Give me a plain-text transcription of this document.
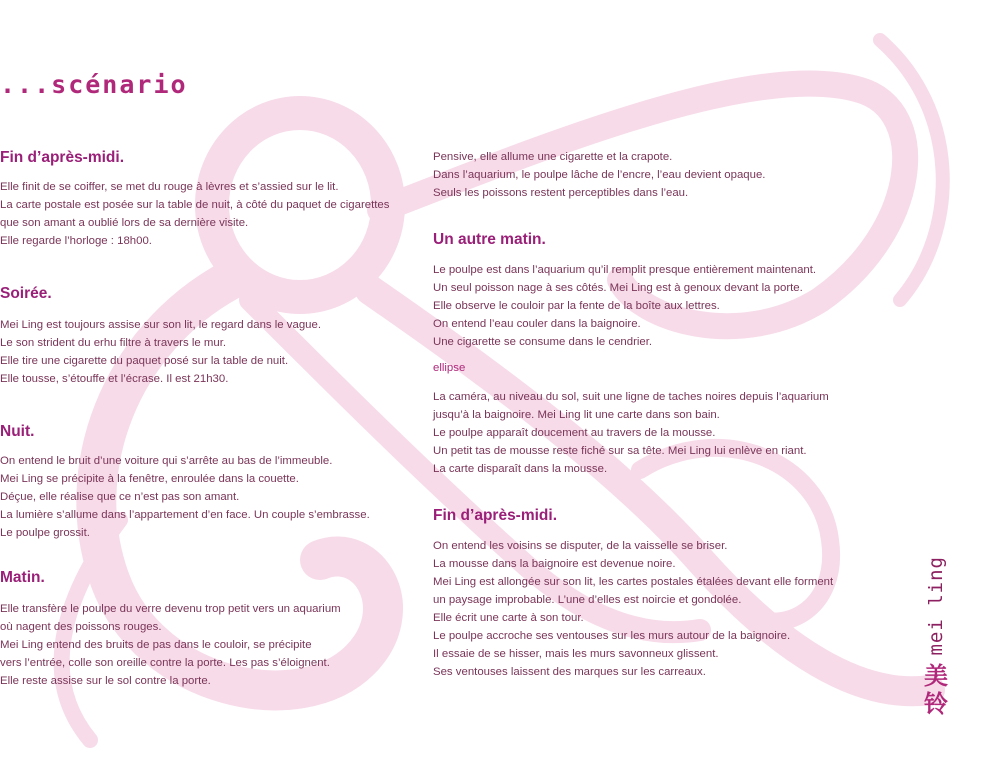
...scénario
Fin d’après-midi.
Elle finit de se coiffer, se met du rouge à lèvres et s’assied sur le lit.
La carte postale est posée sur la table de nuit, à côté du paquet de cigarettes
que son amant a oublié lors de sa dernière visite.
Elle regarde l’horloge : 18h00.
Soirée.
Mei Ling est toujours assise sur son lit, le regard dans le vague.
Le son strident du erhu filtre à travers le mur.
Elle tire une cigarette du paquet posé sur la table de nuit.
Elle tousse, s’étouffe et l’écrase. Il est 21h30.
Nuit.
On entend le bruit d’une voiture qui s’arrête au bas de l’immeuble.
Mei Ling se précipite à la fenêtre, enroulée dans la couette.
Déçue, elle réalise que ce n’est pas son amant.
La lumière s’allume dans l’appartement d’en face. Un couple s’embrasse.
Le poulpe grossit.
Matin.
Elle transfère le poulpe du verre devenu trop petit vers un aquarium
où nagent des poissons rouges.
Mei Ling entend des bruits de pas dans le couloir, se précipite
vers l’entrée, colle son oreille contre la porte. Les pas s’éloignent.
Elle reste assise sur le sol contre la porte.
Pensive, elle allume une cigarette et la crapote.
Dans l’aquarium, le poulpe lâche de l’encre, l’eau devient opaque.
Seuls les poissons restent perceptibles dans l’eau.
Un autre matin.
Le poulpe est dans l’aquarium qu’il remplit presque entièrement maintenant.
Un seul poisson nage à ses côtés. Mei Ling est à genoux devant la porte.
Elle observe le couloir par la fente de la boîte aux lettres.
On entend l’eau couler dans la baignoire.
Une cigarette se consume dans le cendrier.
ellipse
La caméra, au niveau du sol, suit une ligne de taches noires depuis l’aquarium
jusqu’à la baignoire. Mei Ling lit une carte dans son bain.
Le poulpe apparaît doucement au travers de la mousse.
Un petit tas de mousse reste fiché sur sa tête. Mei Ling lui enlève en riant.
La carte disparaît dans la mousse.
Fin d’après-midi.
On entend les voisins se disputer, de la vaisselle se briser.
La mousse dans la baignoire est devenue noire.
Mei Ling est allongée sur son lit, les cartes postales étalées devant elle forment
un paysage improbable. L’une d’elles est noircie et gondolée.
Elle écrit une carte à son tour.
Le poulpe accroche ses ventouses sur les murs autour de la baignoire.
Il essaie de se hisser, mais les murs savonneux glissent.
Ses ventouses laissent des marques sur les carreaux.
mei ling
美
铃
